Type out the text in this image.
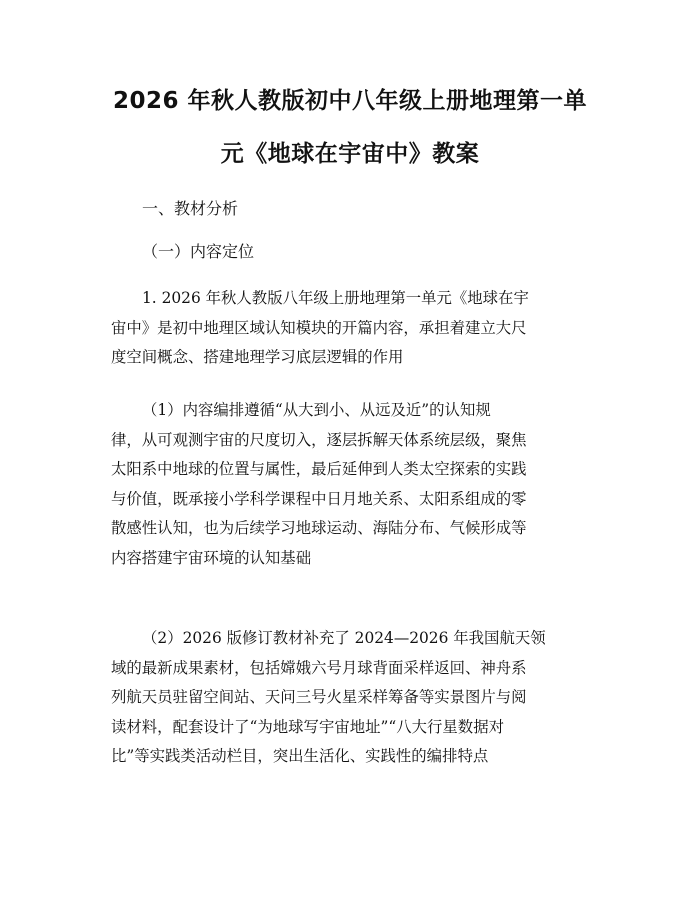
2026 年秋人教版初中八年级上册地理第一单
元《地球在宇宙中》教案

一、教材分析

（一）内容定位

1. 2026 年秋人教版八年级上册地理第一单元《地球在宇
宙中》是初中地理区域认知模块的开篇内容，承担着建立大尺
度空间概念、搭建地理学习底层逻辑的作用
（1）内容编排遵循“从大到小、从远及近”的认知规
律，从可观测宇宙的尺度切入，逐层拆解天体系统层级，聚焦
太阳系中地球的位置与属性，最后延伸到人类太空探索的实践
与价值，既承接小学科学课程中日月地关系、太阳系组成的零
散感性认知，也为后续学习地球运动、海陆分布、气候形成等
内容搭建宇宙环境的认知基础
（2）2026 版修订教材补充了 2024—2026 年我国航天领
域的最新成果素材，包括嫦娥六号月球背面采样返回、神舟系
列航天员驻留空间站、天问三号火星采样筹备等实景图片与阅
读材料，配套设计了“为地球写宇宙地址”“八大行星数据对
比”等实践类活动栏目，突出生活化、实践性的编排特点
